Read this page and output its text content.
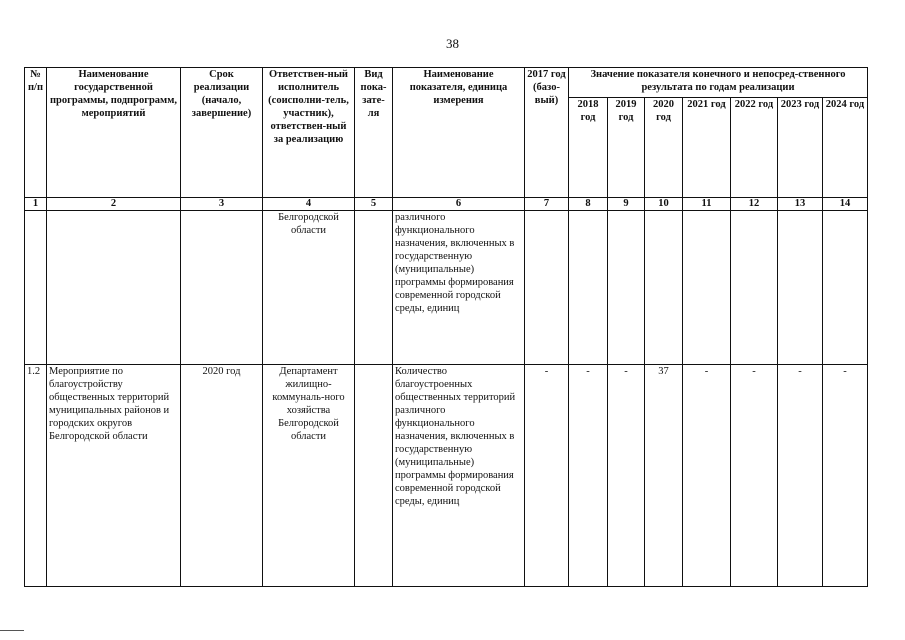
38
№ п/п	Наименование государственной программы, подпрограмм, мероприятий	Срок реализации (начало, завершение)	Ответствен-ный исполнитель (соисполни-тель, участник), ответствен-ный за реализацию	Вид пока-зате-ля	Наименование показателя, единица измерения	2017 год (базо-вый)	Значение показателя конечного и непосред-ственного результата по годам реализации						
							2018 год	2019 год	2020 год	2021 год	2022 год	2023 год	2024 год
1	2	3	4	5	6	7	8	9	10	11	12	13	14
			Белгородской области		различного функционального назначения, включенных в государственную (муниципальные) программы формирования современной городской среды, единиц								
1.2	Мероприятие по благоустройству общественных территорий муниципальных районов и городских округов Белгородской области	2020 год	Департамент жилищно-коммуналь-ного хозяйства Белгородской области		Количество благоустроенных общественных территорий различного функционального назначения, включенных в государственную (муниципальные) программы формирования современной городской среды, единиц	-	-	-	37	-	-	-	-
